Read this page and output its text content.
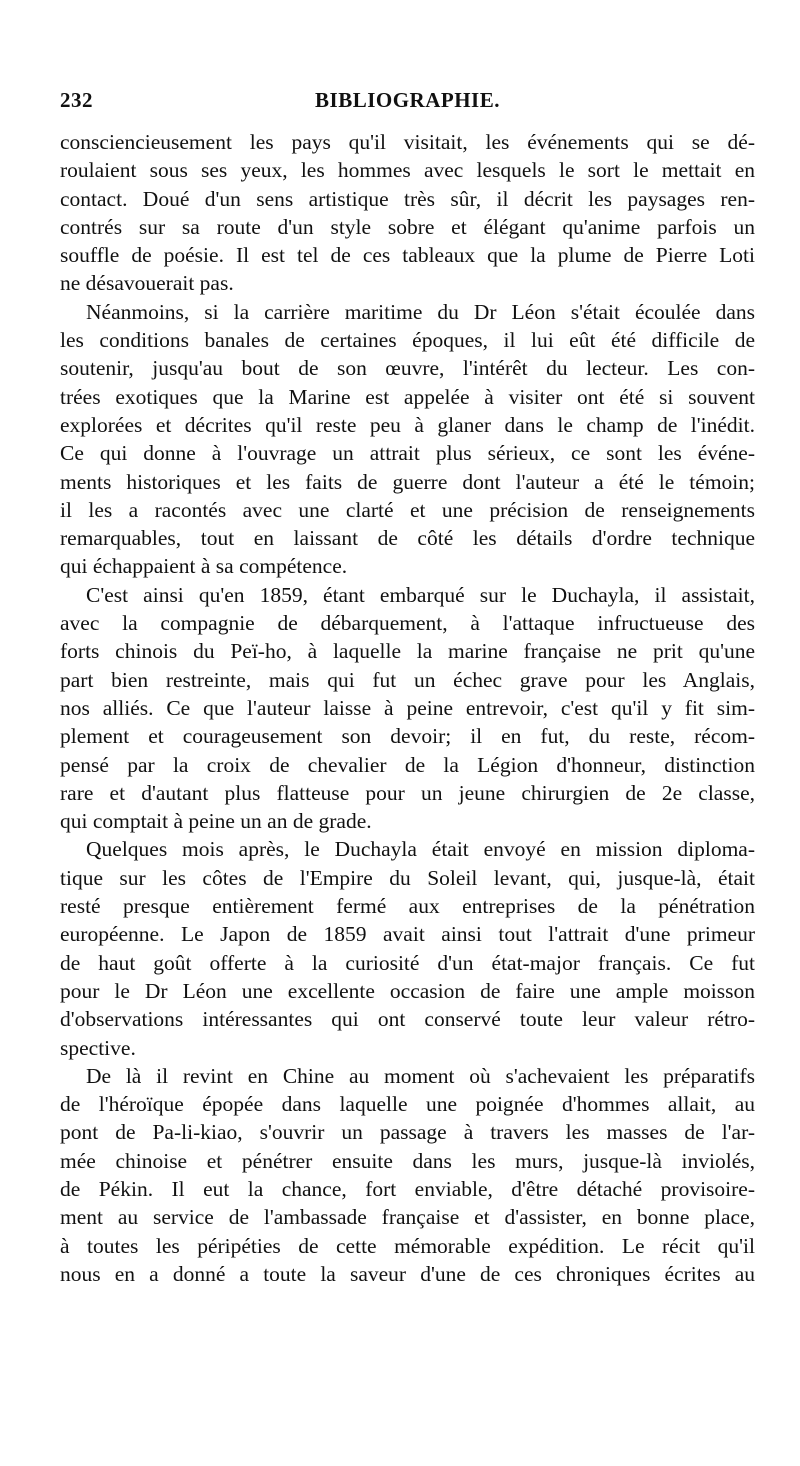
232	BIBLIOGRAPHIE.
consciencieusement les pays qu'il visitait, les événements qui se dé-
roulaient sous ses yeux, les hommes avec lesquels le sort le mettait en
contact. Doué d'un sens artistique très sûr, il décrit les paysages ren-
contrés sur sa route d'un style sobre et élégant qu'anime parfois un
souffle de poésie. Il est tel de ces tableaux que la plume de Pierre Loti
ne désavouerait pas.
Néanmoins, si la carrière maritime du Dr Léon s'était écoulée dans
les conditions banales de certaines époques, il lui eût été difficile de
soutenir, jusqu'au bout de son œuvre, l'intérêt du lecteur. Les con-
trées exotiques que la Marine est appelée à visiter ont été si souvent
explorées et décrites qu'il reste peu à glaner dans le champ de l'inédit.
Ce qui donne à l'ouvrage un attrait plus sérieux, ce sont les événe-
ments historiques et les faits de guerre dont l'auteur a été le témoin;
il les a racontés avec une clarté et une précision de renseignements
remarquables, tout en laissant de côté les détails d'ordre technique
qui échappaient à sa compétence.
C'est ainsi qu'en 1859, étant embarqué sur le Duchayla, il assistait,
avec la compagnie de débarquement, à l'attaque infructueuse des
forts chinois du Peï-ho, à laquelle la marine française ne prit qu'une
part bien restreinte, mais qui fut un échec grave pour les Anglais,
nos alliés. Ce que l'auteur laisse à peine entrevoir, c'est qu'il y fit sim-
plement et courageusement son devoir; il en fut, du reste, récom-
pensé par la croix de chevalier de la Légion d'honneur, distinction
rare et d'autant plus flatteuse pour un jeune chirurgien de 2e classe,
qui comptait à peine un an de grade.
Quelques mois après, le Duchayla était envoyé en mission diploma-
tique sur les côtes de l'Empire du Soleil levant, qui, jusque-là, était
resté presque entièrement fermé aux entreprises de la pénétration
européenne. Le Japon de 1859 avait ainsi tout l'attrait d'une primeur
de haut goût offerte à la curiosité d'un état-major français. Ce fut
pour le Dr Léon une excellente occasion de faire une ample moisson
d'observations intéressantes qui ont conservé toute leur valeur rétro-
spective.
De là il revint en Chine au moment où s'achevaient les préparatifs
de l'héroïque épopée dans laquelle une poignée d'hommes allait, au
pont de Pa-li-kiao, s'ouvrir un passage à travers les masses de l'ar-
mée chinoise et pénétrer ensuite dans les murs, jusque-là inviolés,
de Pékin. Il eut la chance, fort enviable, d'être détaché provisoire-
ment au service de l'ambassade française et d'assister, en bonne place,
à toutes les péripéties de cette mémorable expédition. Le récit qu'il
nous en a donné a toute la saveur d'une de ces chroniques écrites au
